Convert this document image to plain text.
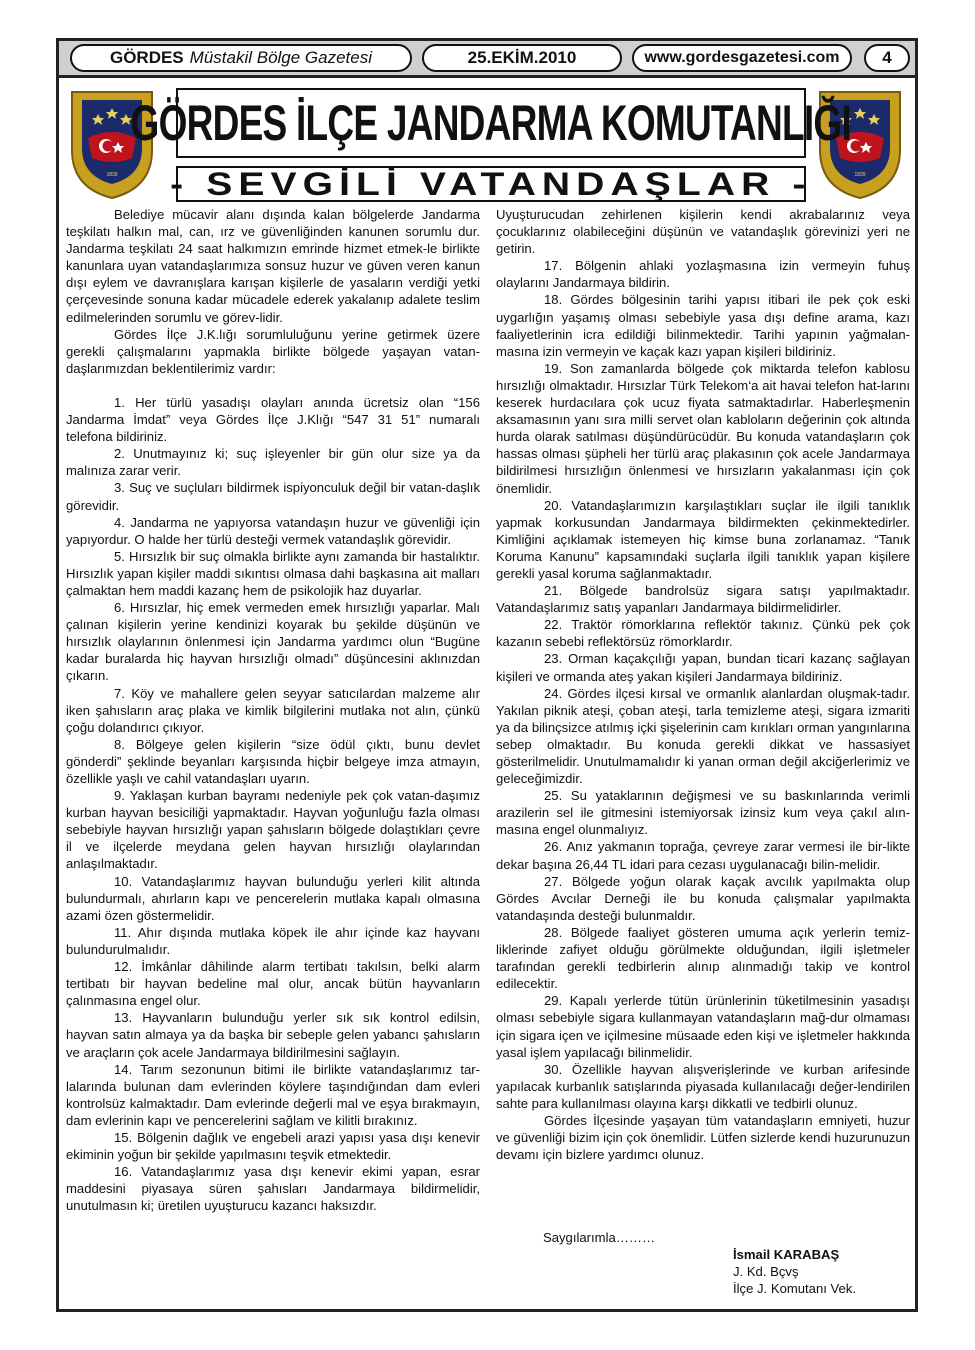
GÖRDES Müstakil Bölge Gazetesi	25.EKİM.2010	www.gordesgazetesi.com	4
1839	1839
GÖRDES İLÇE JANDARMA KOMUTANLIĞI
- SEVGİLİ VATANDAŞLAR -

Belediye mücavir alanı dışında kalan bölgelerde Jandarma teşkilatı halkın mal, can, ırz ve güvenliğinden kanunen sorumlu dur. Jandarma teşkilatı 24 saat halkımızın emrinde hizmet etmek-le birlikte kanunlara uyan vatandaşlarımıza sonsuz huzur ve güven veren kanun dışı eylem ve davranışlara karışan kişilerle de yasaların verdiği yetki çerçevesinde sonuna kadar mücadele ederek yakalanıp adalete teslim edilmelerinden sorumlu ve görev-lidir.

Gördes İlçe J.K.lığı sorumluluğunu yerine getirmek üzere gerekli çalışmalarını yapmakla birlikte bölgede yaşayan vatan-daşlarımızdan beklentilerimiz vardır:

1. Her türlü yasadışı olayları anında ücretsiz olan “156 Jandarma İmdat” veya Gördes İlçe J.Klığı “547 31 51” numaralı telefona bildiriniz.

2. Unutmayınız ki; suç işleyenler bir gün olur size ya da malınıza zarar verir.

3. Suç ve suçluları bildirmek ispiyonculuk değil bir vatan-daşlık görevidir.

4. Jandarma ne yapıyorsa vatandaşın huzur ve güvenliği için yapıyordur. O halde her türlü desteği vermek vatandaşlık görevidir.

5. Hırsızlık bir suç olmakla birlikte aynı zamanda bir hastalıktır. Hırsızlık yapan kişiler maddi sıkıntısı olmasa dahi başkasına ait malları çalmaktan hem maddi kazanç hem de psikolojik haz duyarlar.

6. Hırsızlar, hiç emek vermeden emek hırsızlığı yaparlar. Malı çalınan kişilerin yerine kendinizi koyarak bu şekilde düşünün ve hırsızlık olaylarının önlenmesi için Jandarma yardımcı olun “Bugüne kadar buralarda hiç hayvan hırsızlığı olmadı” düşüncesini aklınızdan çıkarın.

7. Köy ve mahallere gelen seyyar satıcılardan malzeme alır iken şahısların araç plaka ve kimlik bilgilerini mutlaka not alın, çünkü çoğu dolandırıcı çıkıyor.

8. Bölgeye gelen kişilerin “size ödül çıktı, bunu devlet gönderdi” şeklinde beyanları karşısında hiçbir belgeye imza atmayın, özellikle yaşlı ve cahil vatandaşları uyarın.

9. Yaklaşan kurban bayramı nedeniyle pek çok vatan-daşımız kurban hayvan besiciliği yapmaktadır. Hayvan yoğunluğu fazla olması sebebiyle hayvan hırsızlığı yapan şahısların bölgede dolaştıkları çevre il ve ilçelerde meydana gelen hayvan hırsızlığı olaylarından anlaşılmaktadır.

10. Vatandaşlarımız hayvan bulunduğu yerleri kilit altında bulundurmalı, ahırların kapı ve pencerelerin mutlaka kapalı olmasına azami özen göstermelidir.

11. Ahır dışında mutlaka köpek ile ahır içinde kaz hayvanı bulundurulmalıdır.

12. İmkânlar dâhilinde alarm tertibatı takılsın, belki alarm tertibatı bir hayvan bedeline mal olur, ancak bütün hayvanların çalınmasına engel olur.

13. Hayvanların bulunduğu yerler sık sık kontrol edilsin, hayvan satın almaya ya da başka bir sebeple gelen yabancı şahısların ve araçların çok acele Jandarmaya bildirilmesini sağlayın.

14. Tarım sezonunun bitimi ile birlikte vatandaşlarımız tar-lalarında bulunan dam evlerinden köylere taşındığından dam evleri kontrolsüz kalmaktadır. Dam evlerinde değerli mal ve eşya bırakmayın, dam evlerinin kapı ve pencerelerini sağlam ve kilitli bırakınız.

15. Bölgenin dağlık ve engebeli arazi yapısı yasa dışı kenevir ekiminin yoğun bir şekilde yapılmasını teşvik etmektedir.

16. Vatandaşlarımız yasa dışı kenevir ekimi yapan, esrar maddesini piyasaya süren şahısları Jandarmaya bildirmelidir, unutulmasın ki; üretilen uyuşturucu kazancı haksızdır.

Uyuşturucudan zehirlenen kişilerin kendi akrabalarınız veya çocuklarınız olabileceğini düşünün ve vatandaşlık görevinizi yeri ne getirin.

17. Bölgenin ahlaki yozlaşmasına izin vermeyin fuhuş olaylarını Jandarmaya bildirin.

18. Gördes bölgesinin tarihi yapısı itibari ile pek çok eski uygarlığın yaşamış olması sebebiyle yasa dışı define arama, kazı faaliyetlerinin icra edildiği bilinmektedir. Tarihi yapının yağmalan-masına izin vermeyin ve kaçak kazı yapan kişileri bildiriniz.

19. Son zamanlarda bölgede çok miktarda telefon kablosu hırsızlığı olmaktadır. Hırsızlar Türk Telekom‘a ait havai telefon hat-larını keserek hurdacılara çok ucuz fiyata satmaktadırlar. Haberleşmenin aksamasının yanı sıra milli servet olan kabloların değerinin çok altında hurda olarak satılması düşündürücüdür. Bu konuda vatandaşların çok hassas olması şüpheli her türlü araç plakasının çok acele Jandarmaya bildirilmesi hırsızlığın önlenmesi ve hırsızların yakalanması için çok önemlidir.

20. Vatandaşlarımızın karşılaştıkları suçlar ile ilgili tanıklık yapmak korkusundan Jandarmaya bildirmekten çekinmektedirler. Kimliğini açıklamak istemeyen hiç kimse buna zorlanamaz. “Tanık Koruma Kanunu” kapsamındaki suçlarla ilgili tanıklık yapan kişilere gerekli yasal koruma sağlanmaktadır.

21. Bölgede bandrolsüz sigara satışı yapılmaktadır. Vatandaşlarımız satış yapanları Jandarmaya bildirmelidirler.

22. Traktör römorklarına reflektör takınız. Çünkü pek çok kazanın sebebi reflektörsüz römorklardır.

23. Orman kaçakçılığı yapan, bundan ticari kazanç sağlayan kişileri ve ormanda ateş yakan kişileri Jandarmaya bildiriniz.

24. Gördes ilçesi kırsal ve ormanlık alanlardan oluşmak-tadır. Yakılan piknik ateşi, çoban ateşi, tarla temizleme ateşi, sigara izmariti ya da bilinçsizce atılmış içki şişelerinin cam kırıkları orman yangınlarına sebep olmaktadır. Bu konuda gerekli dikkat ve hassasiyet gösterilmelidir. Unutulmamalıdır ki yanan orman değil akciğerlerimiz ve geleceğimizdir.

25. Su yataklarının değişmesi ve su baskınlarında verimli arazilerin sel ile gitmesini istemiyorsak izinsiz kum veya çakıl alın-masına engel olunmalıyız.

26. Anız yakmanın toprağa, çevreye zarar vermesi ile bir-likte dekar başına 26,44 TL idari para cezası uygulanacağı bilin-melidir.

27. Bölgede yoğun olarak kaçak avcılık yapılmakta olup Gördes Avcılar Derneği ile bu konuda çalışmalar yapılmakta vatandaşında desteği bulunmaldır.

28. Bölgede faaliyet gösteren umuma açık yerlerin temiz-liklerinde zafiyet olduğu görülmekte olduğundan, ilgili işletmeler tarafından gerekli tedbirlerin alınıp alınmadığı takip ve kontrol edilecektir.

29. Kapalı yerlerde tütün ürünlerinin tüketilmesinin yasadışı olması sebebiyle sigara kullanmayan vatandaşların mağ-dur olmaması için sigara içen ve içilmesine müsaade eden kişi ve işletmeler hakkında yasal işlem yapılacağı bilinmelidir.

30. Özellikle hayvan alışverişlerinde ve kurban arifesinde yapılacak kurbanlık satışlarında piyasada kullanılacağı değer-lendirilen sahte para kullanılması olayına karşı dikkatli ve tedbirli olunuz.

Gördes İlçesinde yaşayan tüm vatandaşların emniyeti, huzur ve güvenliği bizim için çok önemlidir. Lütfen sizlerde kendi huzurunuzun devamı için bizlere yardımcı olunuz.

Saygılarımla………
İsmail KARABAŞ
J. Kd. Bçvş
İlçe J. Komutanı Vek.
